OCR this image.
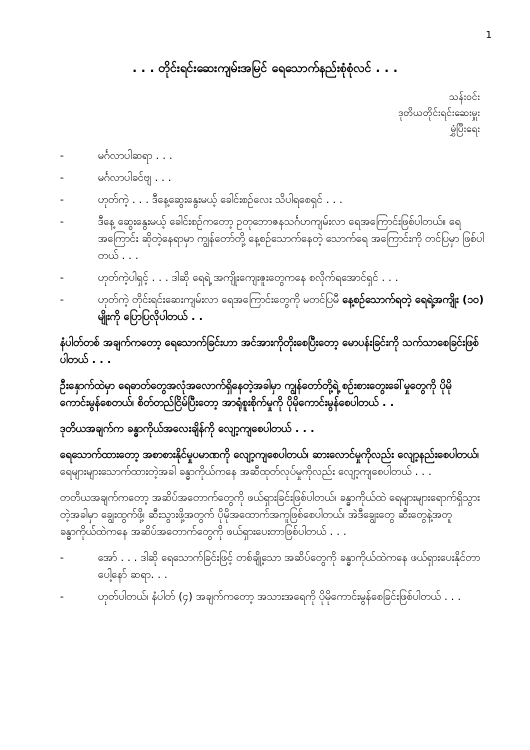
1
. . . တိုင်းရင်းဆေးကျမ်းအမြင် ရေသောက်နည်းစုံစုံလင် . . .
သန်းဝင်း
ဒုတိယတိုင်းရင်းဆေးမှူး
မွှံပြီးရေး
-	မင်္ဂလာပါဆရာ . . .
-	မင်္ဂလာပါခင်ဗျ . . .
-	ဟုတ်ကဲ့ . . . ဒီနေ့ဆွေးနွေးမယ့် ခေါင်းစဉ်လေး သိပါရစေရှင် . . .
-	ဒီနေ့ ဆွေးနွေးမယ့် ခေါင်းစဉ်ကတော့ ဥတုဘောဇနသင်္ဂဟကျမ်းလာ ရေအကြောင်းဖြစ်ပါတယ်။ ရေအကြောင်း ဆိုတဲ့နေရာမှာ ကျွန်တော်တို့ နေ့စဉ်သောက်နေတဲ့ သောက်ရေ အကြောင်းကို တင်ပြမှာ ဖြစ်ပါတယ် . . .
-	ဟုတ်ကဲ့ပါရှင့် . . . ဒါဆို ရေရဲ့ အကျိုးကျေးဇူးတွေကနေ စလိုက်ရအောင်ရှင် . . .
-	ဟုတ်ကဲ့ တိုင်းရင်းဆေးကျမ်းလာ ရေအကြောင်းတွေကို မတင်ပြမီ နေ့စဉ်သောက်ရတဲ့ ရေရဲ့အကျိုး (၁၀) မျိုးကို ပြောပြလိုပါတယ် . .

နံပါတ်တစ် အချက်ကတော့ ရေသောက်ခြင်းဟာ အင်အားကိုတိုးစေပြီးတော့ မောပန်းခြင်းကို သက်သာစေခြင်းဖြစ်ပါတယ် . . .

ဦးနှောက်ထဲမှာ ရေဓာတ်တွေအလုံအလောက်ရှိနေတဲ့အခါမှာ ကျွန်တော်တို့ရဲ့ စဉ်းစားတွေးခေါ်မှုတွေကို ပိုမိုကောင်းမွန်စေတယ်၊ စိတ်တည်ငြိမ်ပြီးတော့ အာရုံစူးစိုက်မှုကို ပိုမိုကောင်းမွန်စေပါတယ် . .

ဒုတိယအချက်က ခန္ဓာကိုယ်အလေးချိန်ကို လျော့ကျစေပါတယ် . . .

ရေသောက်ထားတော့ အစာစားနိုင်မှုပမာဏကို လျော့ကျစေပါတယ်၊ ဆားလောင်မှုကိုလည်း လျော့နည်းစေပါတယ်၊ ရေများများသောက်ထားတဲ့အခါ ခန္ဓာကိုယ်ကနေ အဆီထုတ်လုပ်မှုကိုလည်း လျော့ကျစေပါတယ် . . .

တတိယအချက်ကတော့ အဆိပ်အတောက်တွေကို ဖယ်ရှားခြင်းဖြစ်ပါတယ်၊ ခန္ဓာကိုယ်ထဲ ရေများများရောက်ရှိသွားတဲ့အခါမှာ ချွေးထွက်ဖို့၊ ဆီးသွားဖို့အတွက် ပိုမိုအထောက်အကူဖြစ်စေပါတယ်၊ အဲဒီချွေးတွေ ဆီးတွေနဲ့အတူ ခန္ဓာကိုယ်ထဲကနေ အဆိပ်အတောက်တွေကို ဖယ်ရှားပေးတာဖြစ်ပါတယ် . . .

-	အော် . . . ဒါဆို ရေသောက်ခြင်းဖြင့် တစ်ချို့သော အဆိပ်တွေကို ခန္ဓာကိုယ်ထဲကနေ ဖယ်ရှားပေးနိုင်တာပေါ့နော် ဆရာ. . .
-	ဟုတ်ပါတယ်၊ နံပါတ် (၄) အချက်ကတော့ အသားအရေကို ပိုမိုကောင်းမွန်စေခြင်းဖြစ်ပါတယ် . . .
